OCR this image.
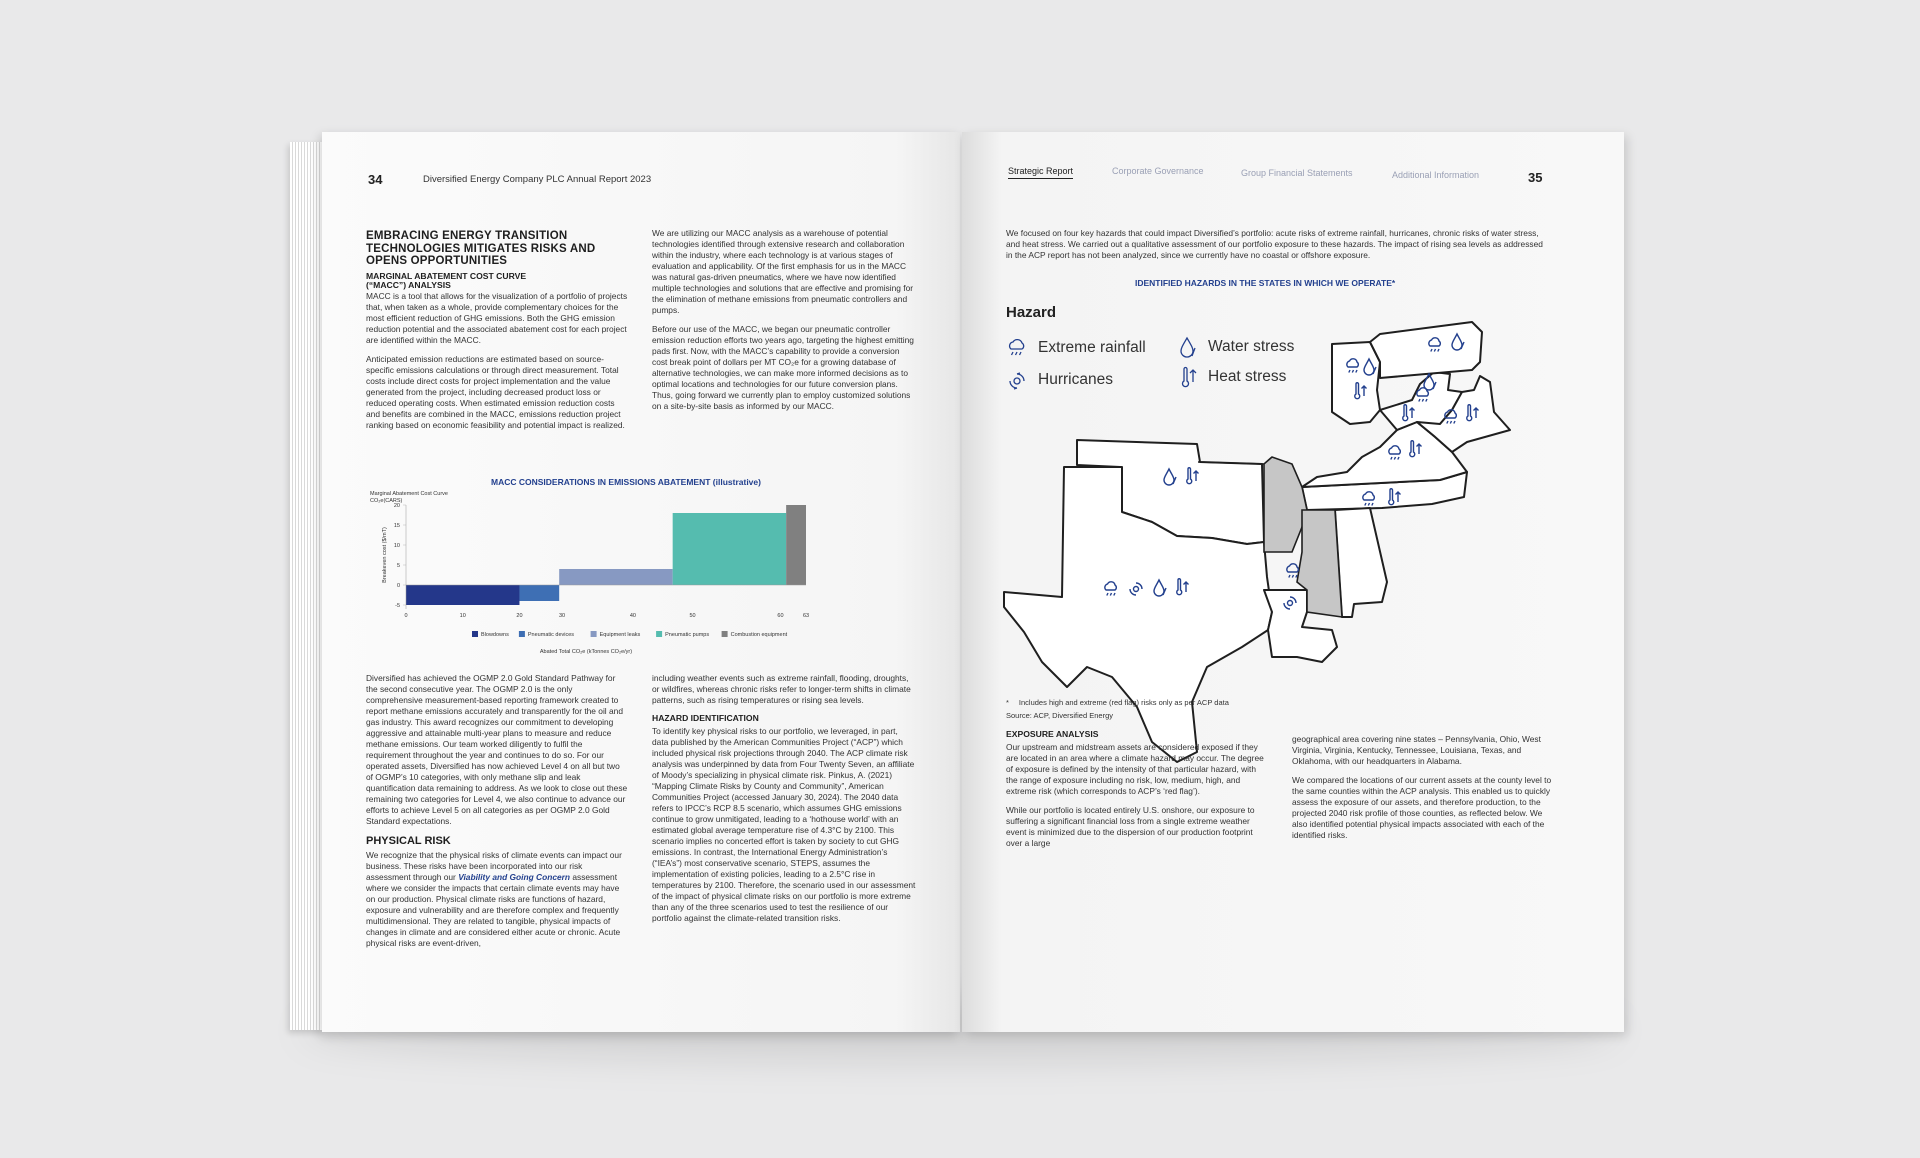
34	Diversified Energy Company PLC Annual Report 2023
EMBRACING ENERGY TRANSITION TECHNOLOGIES MITIGATES RISKS AND OPENS OPPORTUNITIES
MARGINAL ABATEMENT COST CURVE (“MACC”) ANALYSIS

MACC is a tool that allows for the visualization of a portfolio of projects that, when taken as a whole, provide complementary choices for the most efficient reduction of GHG emissions. Both the GHG emission reduction potential and the associated abatement cost for each project are identified within the MACC.

Anticipated emission reductions are estimated based on source-specific emissions calculations or through direct measurement. Total costs include direct costs for project implementation and the value generated from the project, including decreased product loss or reduced operating costs. When estimated emission reduction costs and benefits are combined in the MACC, emissions reduction project ranking based on economic feasibility and potential impact is realized.

We are utilizing our MACC analysis as a warehouse of potential technologies identified through extensive research and collaboration within the industry, where each technology is at various stages of evaluation and applicability. Of the first emphasis for us in the MACC was natural gas-driven pneumatics, where we have now identified multiple technologies and solutions that are effective and promising for the elimination of methane emissions from pneumatic controllers and pumps.

Before our use of the MACC, we began our pneumatic controller emission reduction efforts two years ago, targeting the highest emitting pads first. Now, with the MACC’s capability to provide a conversion cost break point of dollars per MT CO₂e for a growing database of alternative technologies, we can make more informed decisions as to optimal locations and technologies for our future conversion plans. Thus, going forward we currently plan to employ customized solutions on a site-by-site basis as informed by our MACC.

MACC CONSIDERATIONS IN EMISSIONS ABATEMENT (illustrative)
Marginal Abatement Cost Curve
CO₂e(CARS)
20
15
10
5
0
-5
Breakeven cost ($/mT)
0	10	20	30	40	50	60	63
Blowdowns	Pneumatic devices	Equipment leaks	Pneumatic pumps	Combustion equipment
Abated Total CO₂e (kTonnes CO₂e/yr)

Diversified has achieved the OGMP 2.0 Gold Standard Pathway for the second consecutive year. The OGMP 2.0 is the only comprehensive measurement-based reporting framework created to report methane emissions accurately and transparently for the oil and gas industry. This award recognizes our commitment to developing aggressive and attainable multi-year plans to measure and reduce methane emissions. Our team worked diligently to fulfil the requirement throughout the year and continues to do so. For our operated assets, Diversified has now achieved Level 4 on all but two of OGMP’s 10 categories, with only methane slip and leak quantification data remaining to address. As we look to close out these remaining two categories for Level 4, we also continue to advance our efforts to achieve Level 5 on all categories as per OGMP 2.0 Gold Standard expectations.

PHYSICAL RISK

We recognize that the physical risks of climate events can impact our business. These risks have been incorporated into our risk assessment through our Viability and Going Concern assessment where we consider the impacts that certain climate events may have on our production. Physical climate risks are functions of hazard, exposure and vulnerability and are therefore complex and frequently multidimensional. They are related to tangible, physical impacts of changes in climate and are considered either acute or chronic. Acute physical risks are event-driven,

including weather events such as extreme rainfall, flooding, droughts, or wildfires, whereas chronic risks refer to longer-term shifts in climate patterns, such as rising temperatures or rising sea levels.

HAZARD IDENTIFICATION

To identify key physical risks to our portfolio, we leveraged, in part, data published by the American Communities Project (“ACP”) which included physical risk projections through 2040. The ACP climate risk analysis was underpinned by data from Four Twenty Seven, an affiliate of Moody’s specializing in physical climate risk. Pinkus, A. (2021) “Mapping Climate Risks by County and Community”, American Communities Project (accessed January 30, 2024). The 2040 data refers to IPCC’s RCP 8.5 scenario, which assumes GHG emissions continue to grow unmitigated, leading to a ‘hothouse world’ with an estimated global average temperature rise of 4.3°C by 2100. This scenario implies no concerted effort is taken by society to cut GHG emissions. In contrast, the International Energy Administration’s (“IEA’s”) most conservative scenario, STEPS, assumes the implementation of existing policies, leading to a 2.5°C rise in temperatures by 2100. Therefore, the scenario used in our assessment of the impact of physical climate risks on our portfolio is more extreme than any of the three scenarios used to test the resilience of our portfolio against the climate-related transition risks.

Strategic Report	Corporate Governance	Group Financial Statements	Additional Information	35

We focused on four key hazards that could impact Diversified’s portfolio: acute risks of extreme rainfall, hurricanes, chronic risks of water stress, and heat stress. We carried out a qualitative assessment of our portfolio exposure to these hazards. The impact of rising sea levels as addressed in the ACP report has not been analyzed, since we currently have no coastal or offshore exposure.

IDENTIFIED HAZARDS IN THE STATES IN WHICH WE OPERATE*
Hazard
Extreme rainfall	Water stress
Hurricanes	Heat stress
* Includes high and extreme (red flag) risks only as per ACP data
Source: ACP, Diversified Energy
EXPOSURE ANALYSIS

Our upstream and midstream assets are considered exposed if they are located in an area where a climate hazard may occur. The degree of exposure is defined by the intensity of that particular hazard, with the range of exposure including no risk, low, medium, high, and extreme risk (which corresponds to ACP’s ‘red flag’).

While our portfolio is located entirely U.S. onshore, our exposure to suffering a significant financial loss from a single extreme weather event is minimized due to the dispersion of our production footprint over a large

geographical area covering nine states – Pennsylvania, Ohio, West Virginia, Virginia, Kentucky, Tennessee, Louisiana, Texas, and Oklahoma, with our headquarters in Alabama.

We compared the locations of our current assets at the county level to the same counties within the ACP analysis. This enabled us to quickly assess the exposure of our assets, and therefore production, to the projected 2040 risk profile of those counties, as reflected below. We also identified potential physical impacts associated with each of the identified risks.
